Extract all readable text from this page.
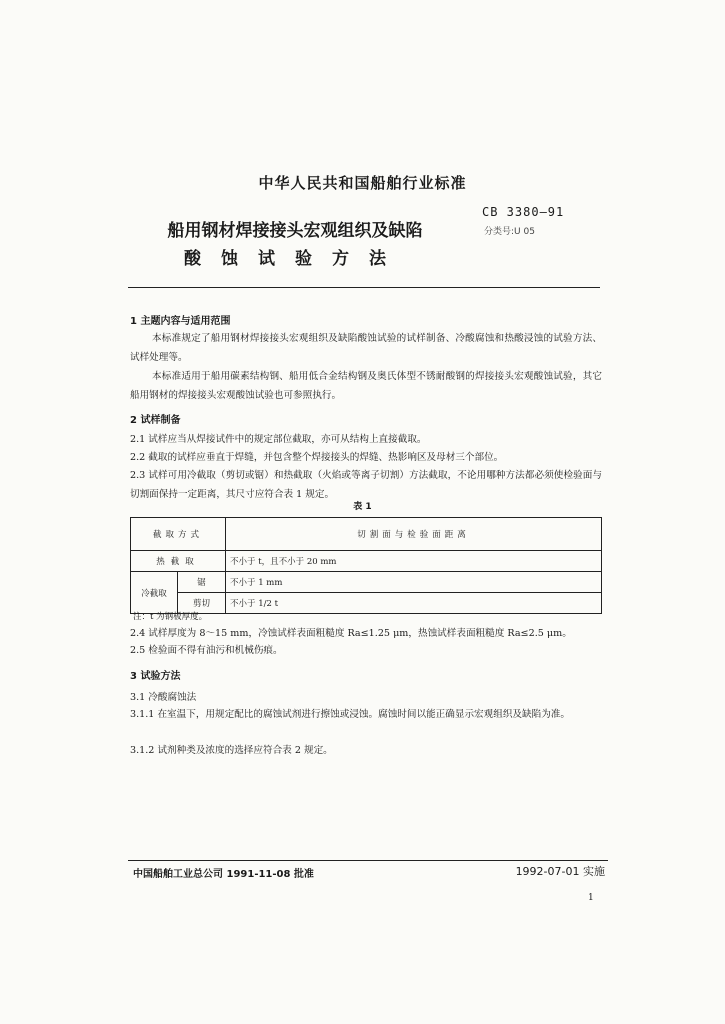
中华人民共和国船舶行业标准
CB 3380—91
分类号:U 05
船用钢材焊接接头宏观组织及缺陷
酸蚀试验方法
1 主题内容与适用范围
本标准规定了船用钢材焊接接头宏观组织及缺陷酸蚀试验的试样制备、冷酸腐蚀和热酸浸蚀的试验方法、试样处理等。
本标准适用于船用碳素结构钢、船用低合金结构钢及奥氏体型不锈耐酸钢的焊接接头宏观酸蚀试验，其它船用钢材的焊接接头宏观酸蚀试验也可参照执行。
2 试样制备
2.1 试样应当从焊接试件中的规定部位截取，亦可从结构上直接截取。
2.2 截取的试样应垂直于焊缝，并包含整个焊接接头的焊缝、热影响区及母材三个部位。
2.3 试样可用冷截取（剪切或锯）和热截取（火焰或等离子切割）方法截取，不论用哪种方法都必须使检验面与切割面保持一定距离，其尺寸应符合表 1 规定。
表 1
截取方式		切割面与检验面距离
热截取		不小于 t，且不小于 20 mm
冷截取	锯	不小于 1 mm
	剪切	不小于 1/2 t
注：t 为钢板厚度。
2.4 试样厚度为 8～15 mm，冷蚀试样表面粗糙度 Ra≤1.25 μm，热蚀试样表面粗糙度 Ra≤2.5 μm。
2.5 检验面不得有油污和机械伤痕。
3 试验方法
3.1 冷酸腐蚀法
3.1.1 在室温下，用规定配比的腐蚀试剂进行擦蚀或浸蚀。腐蚀时间以能正确显示宏观组织及缺陷为准。
3.1.2 试剂种类及浓度的选择应符合表 2 规定。
中国船舶工业总公司 1991-11-08 批准	1992-07-01 实施
1
